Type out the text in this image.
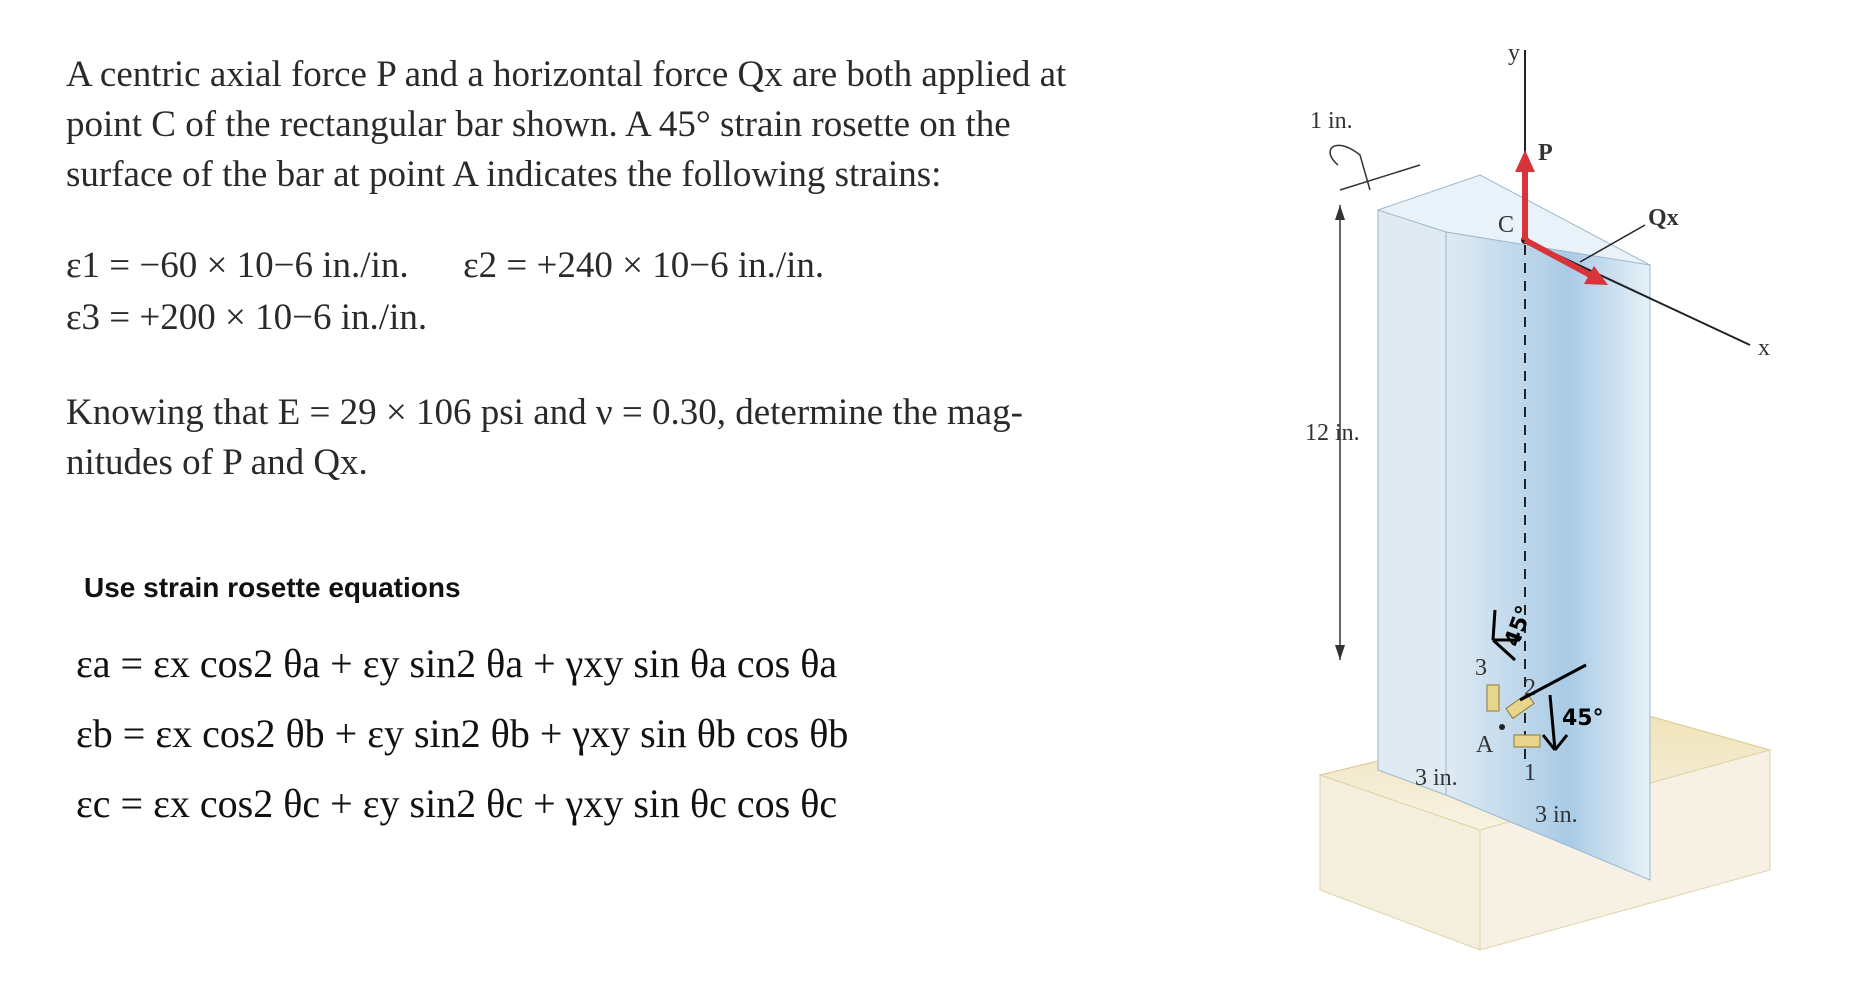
A centric axial force P and a horizontal force Qx are both applied at

point C of the rectangular bar shown. A 45° strain rosette on the

surface of the bar at point A indicates the following strains:

ε1 = −60 × 10−6 in./in. ε2 = +240 × 10−6 in./in.
ε3 = +200 × 10−6 in./in.

Knowing that E = 29 × 106 psi and ν = 0.30, determine the mag-

nitudes of P and Qx.

Use strain rosette equations
εa = εx cos2 θa + εy sin2 θa + γxy sin θa cos θa
εb = εx cos2 θb + εy sin2 θb + γxy sin θb cos θb
εc = εx cos2 θc + εy sin2 θc + γxy sin θc cos θc
y
x
C
P
Qx
1 in.
12 in.
3
2
1
A
3 in.
3 in.
45°
45°
